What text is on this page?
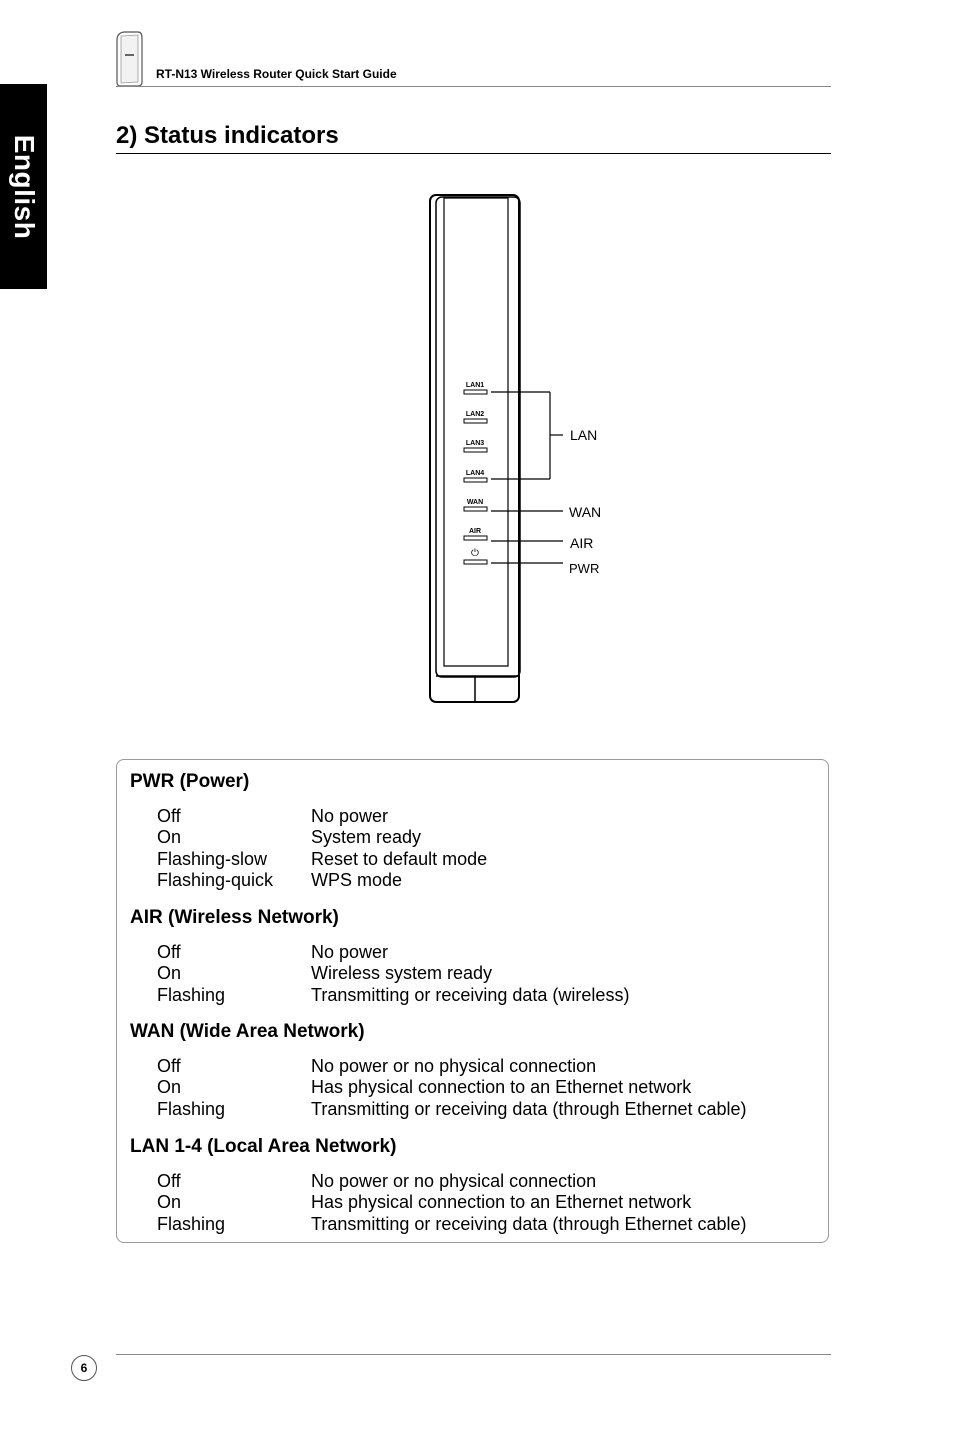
English
RT-N13 Wireless Router Quick Start Guide
2) Status indicators
LAN1
LAN2
LAN3
LAN4
WAN
AIR
⏻
LAN
WAN
AIR
PWR

PWR (Power)

Off	No power
On	System ready
Flashing-slow	Reset to default mode
Flashing-quick	WPS mode

AIR (Wireless Network)

Off	No power
On	Wireless system ready
Flashing	Transmitting or receiving data (wireless)

WAN (Wide Area Network)

Off	No power or no physical connection
On	Has physical connection to an Ethernet network
Flashing	Transmitting or receiving data (through Ethernet cable)

LAN 1-4 (Local Area Network)

Off	No power or no physical connection
On	Has physical connection to an Ethernet network
Flashing	Transmitting or receiving data (through Ethernet cable)
6
